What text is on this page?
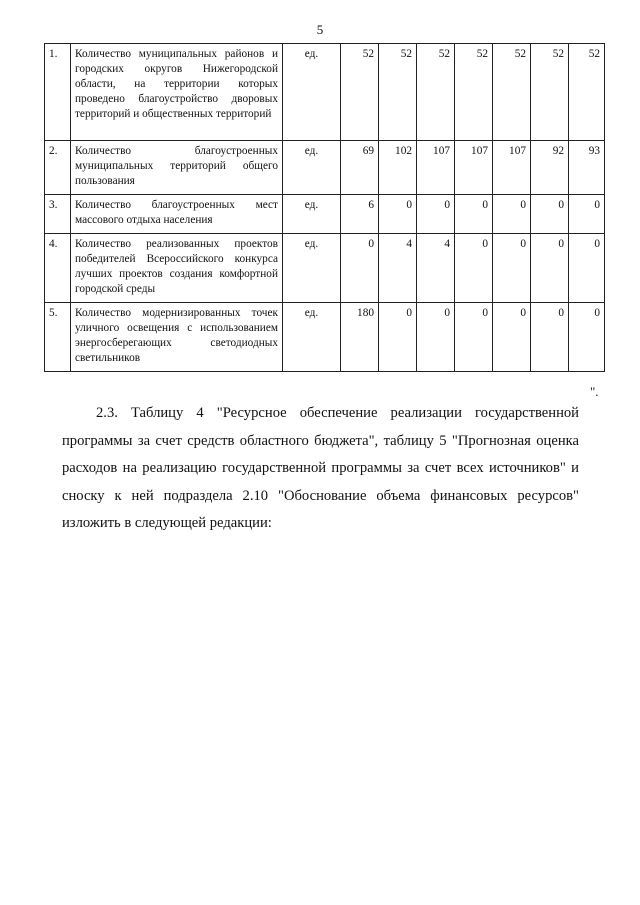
5
1.	Количество муниципальных районов и городских округов Нижегородской области, на территории которых проведено благоустройство дворовых территорий и общественных территорий	ед.	52	52	52	52	52	52	52
2.	Количество благоустроенных муниципальных территорий общего пользования	ед.	69	102	107	107	107	92	93
3.	Количество благоустроенных мест массового отдыха населения	ед.	6	0	0	0	0	0	0
4.	Количество реализованных проектов победителей Всероссийского конкурса лучших проектов создания комфортной городской среды	ед.	0	4	4	0	0	0	0
5.	Количество модернизированных точек уличного освещения с использованием энергосберегающих светодиодных светильников	ед.	180	0	0	0	0	0	0
".

2.3. Таблицу 4 "Ресурсное обеспечение реализации государственной программы за счет средств областного бюджета", таблицу 5 "Прогнозная оценка расходов на реализацию государственной программы за счет всех источников" и сноску к ней подраздела 2.10 "Обоснование объема финансовых ресурсов" изложить в следующей редакции:
